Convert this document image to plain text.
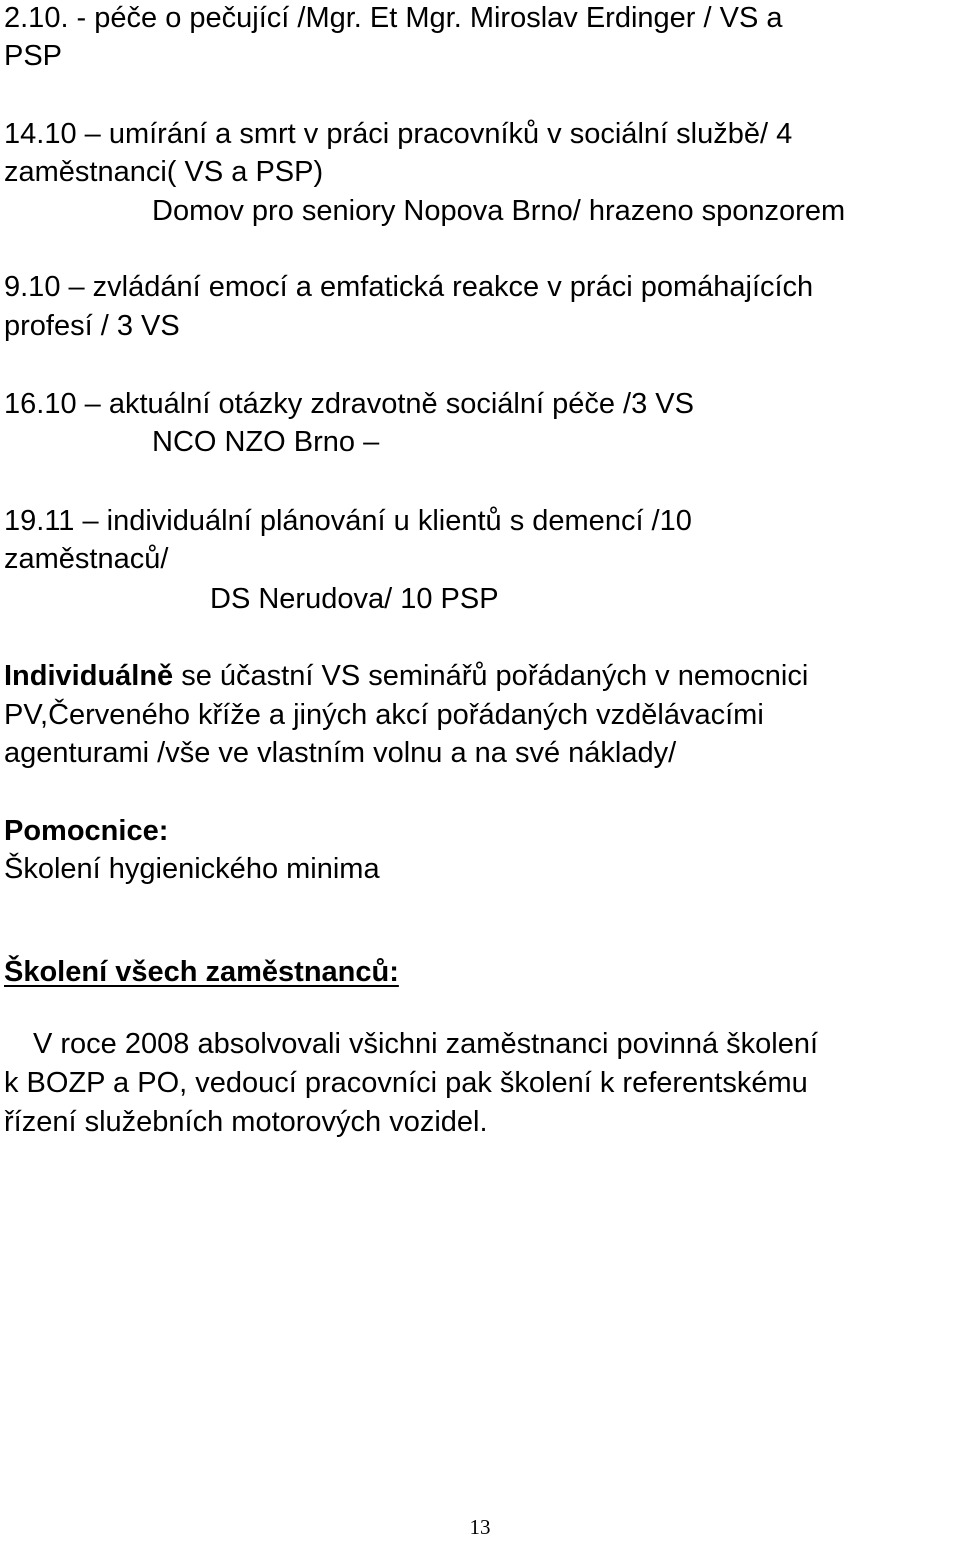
2.10. - péče o pečující /Mgr. Et Mgr. Miroslav Erdinger / VS a

PSP

14.10 – umírání a smrt v práci pracovníků v sociální službě/ 4

zaměstnanci( VS a PSP)

Domov pro seniory Nopova Brno/ hrazeno sponzorem

9.10 – zvládání emocí a emfatická reakce v práci pomáhajících

profesí / 3 VS

16.10 – aktuální otázky zdravotně sociální péče /3 VS

NCO NZO Brno –

19.11 – individuální plánování u klientů s demencí /10

zaměstnaců/

DS Nerudova/ 10 PSP

Individuálně se účastní VS seminářů pořádaných v nemocnici

PV,Červeného kříže a jiných akcí pořádaných vzdělávacími

agenturami /vše ve vlastním volnu a na své náklady/

Pomocnice:

Školení hygienického minima

Školení všech zaměstnanců:

V roce 2008 absolvovali všichni zaměstnanci povinná školení

k BOZP a PO, vedoucí pracovníci pak školení k referentskému

řízení služebních motorových vozidel.

13
